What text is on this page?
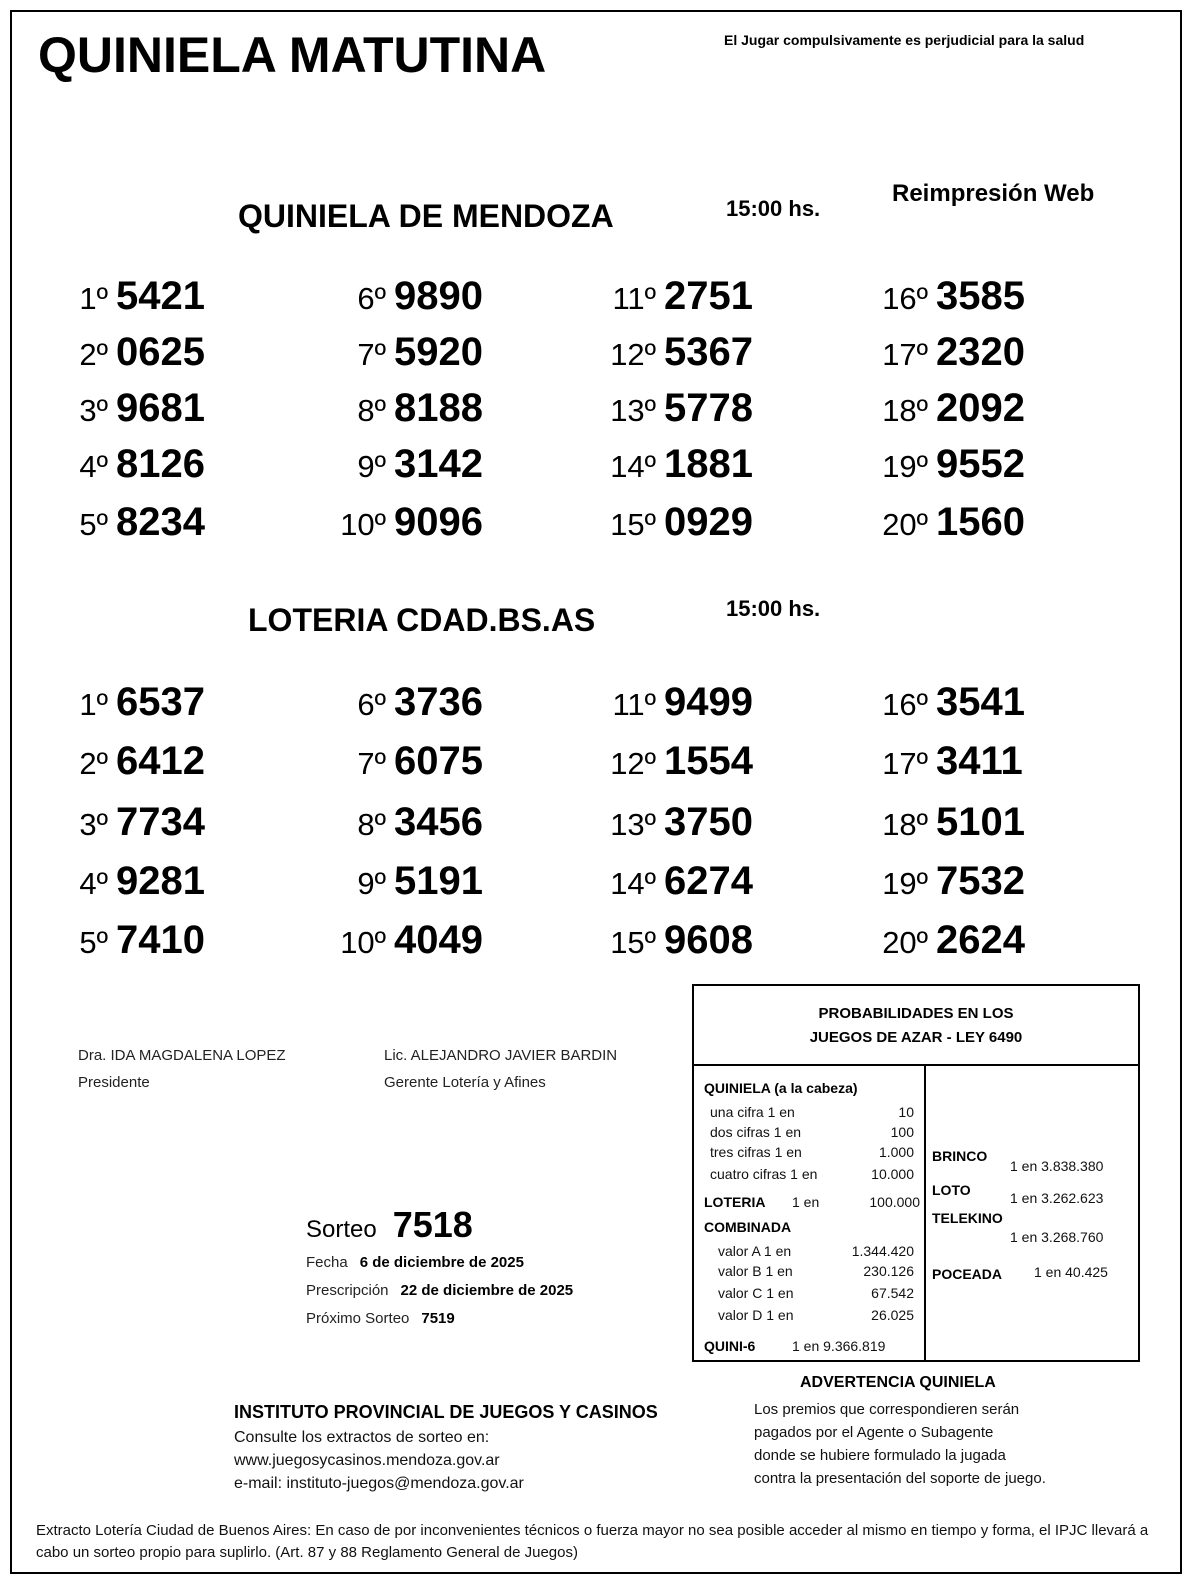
QUINIELA MATUTINA	El Jugar compulsivamente es perjudicial para la salud
Reimpresión Web
QUINIELA DE MENDOZA	15:00 hs.
1º 5421
2º 0625
3º 9681
4º 8126
5º 8234
6º 9890
7º 5920
8º 8188
9º 3142
10º 9096
11º 2751
12º 5367
13º 5778
14º 1881
15º 0929
16º 3585
17º 2320
18º 2092
19º 9552
20º 1560
LOTERIA CDAD.BS.AS	15:00 hs.
1º 6537
2º 6412
3º 7734
4º 9281
5º 7410
6º 3736
7º 6075
8º 3456
9º 5191
10º 4049
11º 9499
12º 1554
13º 3750
14º 6274
15º 9608
16º 3541
17º 3411
18º 5101
19º 7532
20º 2624
Dra. IDA MAGDALENA LOPEZ
Presidente
Lic. ALEJANDRO JAVIER BARDIN
Gerente Lotería y Afines
Sorteo 7518
Fecha 6 de diciembre de 2025
Prescripción 22 de diciembre de 2025
Próximo Sorteo 7519
INSTITUTO PROVINCIAL DE JUEGOS Y CASINOS
Consulte los extractos de sorteo en:
www.juegosycasinos.mendoza.gov.ar
e-mail: instituto-juegos@mendoza.gov.ar
ADVERTENCIA QUINIELA
Los premios que correspondieren serán
pagados por el Agente o Subagente
donde se hubiere formulado la jugada
contra la presentación del soporte de juego.
Extracto Lotería Ciudad de Buenos Aires: En caso de por inconvenientes técnicos o fuerza mayor no sea posible acceder al mismo en tiempo y forma, el IPJC llevará a cabo un sorteo propio para suplirlo. (Art. 87 y 88 Reglamento General de Juegos)
PROBABILIDADES EN LOS
JUEGOS DE AZAR - LEY 6490
QUINIELA (a la cabeza)
una cifra 1 en	10
dos cifras 1 en	100
tres cifras 1 en	1.000
cuatro cifras 1 en	10.000
LOTERIA 1 en	100.000
COMBINADA
valor A 1 en	1.344.420
valor B 1 en	230.126
valor C 1 en	67.542
valor D 1 en	26.025
QUINI-6	1 en 9.366.819
BRINCO
1 en 3.838.380
LOTO	1 en 3.262.623
TELEKINO
1 en 3.268.760
POCEADA 1 en 40.425
